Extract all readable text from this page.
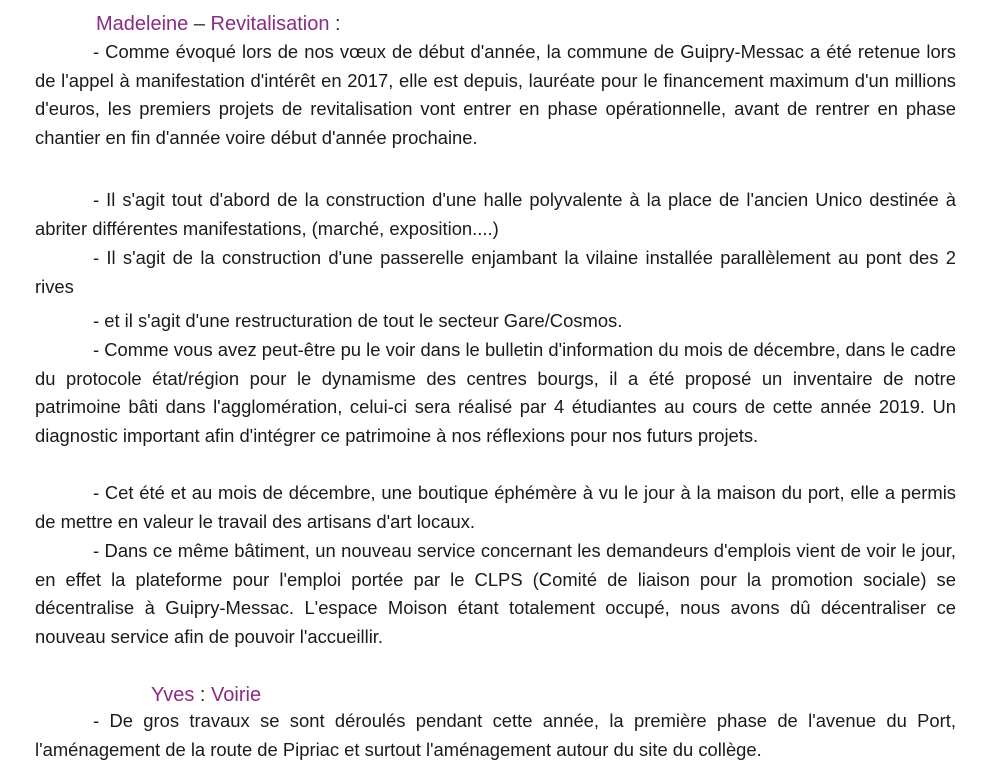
Madeleine – Revitalisation :

- Comme évoqué lors de nos vœux de début d'année, la commune de Guipry-Messac a été retenue lors de l'appel à manifestation d'intérêt en 2017, elle est depuis, lauréate pour le financement maximum d'un millions d'euros, les premiers projets de revitalisation vont entrer en phase opérationnelle, avant de rentrer en phase chantier en fin d'année voire début d'année prochaine.

- Il s'agit tout d'abord de la construction d'une halle polyvalente à la place de l'ancien Unico destinée à abriter différentes manifestations, (marché, exposition....)

- Il s'agit de la construction d'une passerelle enjambant la vilaine installée parallèlement au pont des 2 rives

- et il s'agit d'une restructuration de tout le secteur Gare/Cosmos.

- Comme vous avez peut-être pu le voir dans le bulletin d'information du mois de décembre, dans le cadre du protocole état/région pour le dynamisme des centres bourgs, il a été proposé un inventaire de notre patrimoine bâti dans l'agglomération, celui-ci sera réalisé par 4 étudiantes au cours de cette année 2019. Un diagnostic important afin d'intégrer ce patrimoine à nos réflexions pour nos futurs projets.

- Cet été et au mois de décembre, une boutique éphémère à vu le jour à la maison du port, elle a permis de mettre en valeur le travail des artisans d'art locaux.

- Dans ce même bâtiment, un nouveau service concernant les demandeurs d'emplois vient de voir le jour, en effet la plateforme pour l'emploi portée par le CLPS (Comité de liaison pour la promotion sociale) se décentralise à Guipry-Messac. L'espace Moison étant totalement occupé, nous avons dû décentraliser ce nouveau service afin de pouvoir l'accueillir.

Yves : Voirie

- De gros travaux se sont déroulés pendant cette année, la première phase de l'avenue du Port, l'aménagement de la route de Pipriac et surtout l'aménagement autour du site du collège.
